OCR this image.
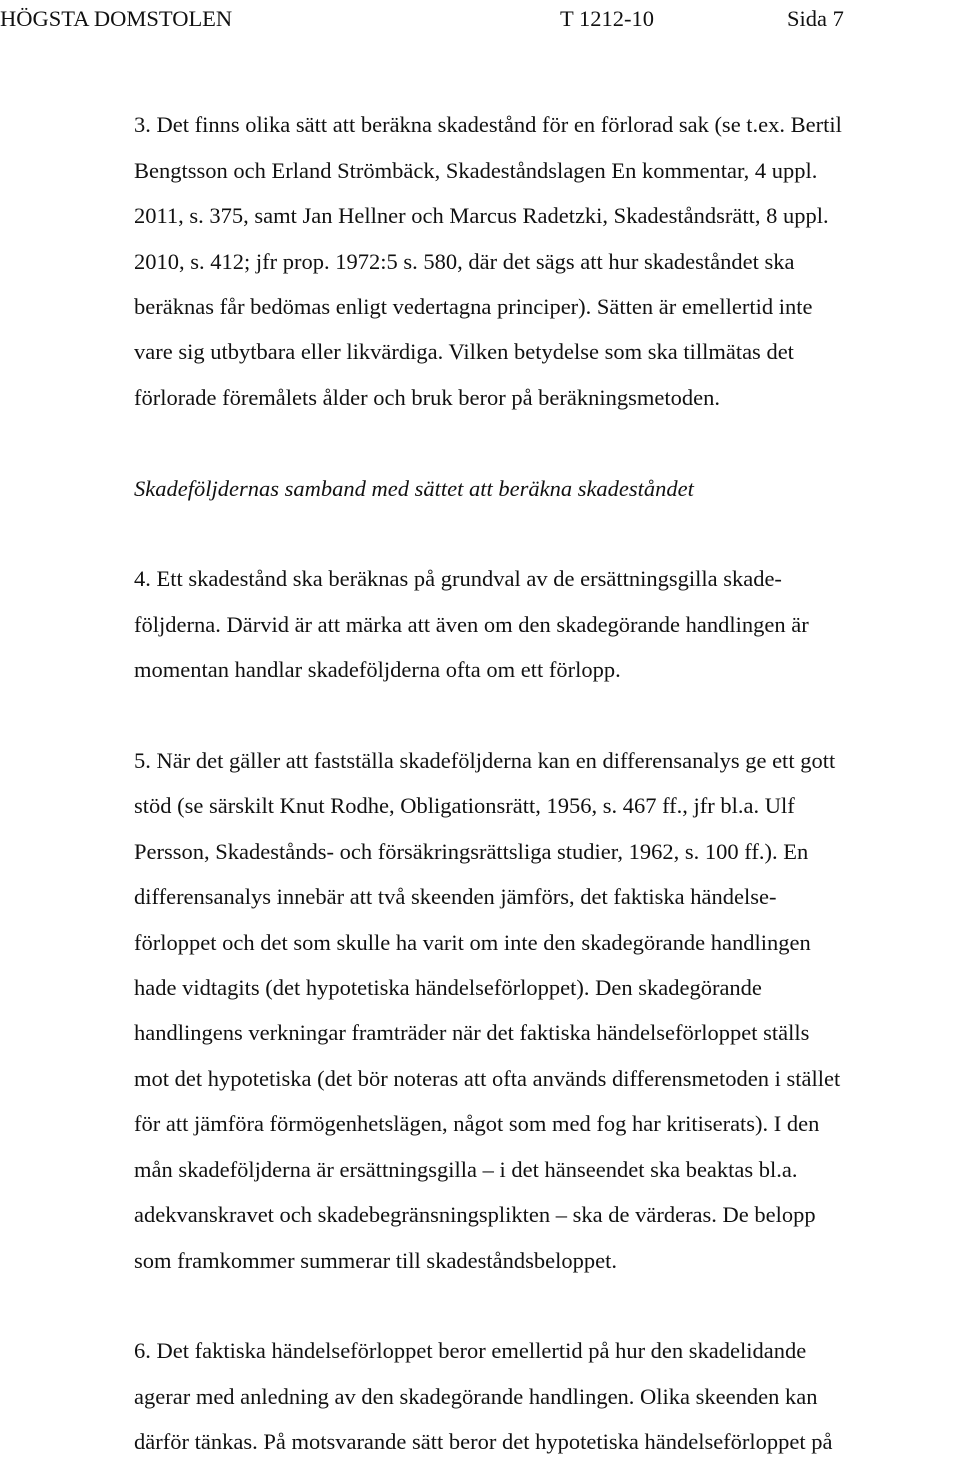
HÖGSTA DOMSTOLEN	T 1212-10	Sida 7

3. Det finns olika sätt att beräkna skadestånd för en förlorad sak (se t.ex. Bertil

Bengtsson och Erland Strömbäck, Skadeståndslagen En kommentar, 4 uppl.

2011, s. 375, samt Jan Hellner och Marcus Radetzki, Skadeståndsrätt, 8 uppl.

2010, s. 412; jfr prop. 1972:5 s. 580, där det sägs att hur skadeståndet ska

beräknas får bedömas enligt vedertagna principer). Sätten är emellertid inte

vare sig utbytbara eller likvärdiga. Vilken betydelse som ska tillmätas det

förlorade föremålets ålder och bruk beror på beräkningsmetoden.

Skadeföljdernas samband med sättet att beräkna skadeståndet

4. Ett skadestånd ska beräknas på grundval av de ersättningsgilla skade-

följderna. Därvid är att märka att även om den skadegörande handlingen är

momentan handlar skadeföljderna ofta om ett förlopp.

5. När det gäller att fastställa skadeföljderna kan en differensanalys ge ett gott

stöd (se särskilt Knut Rodhe, Obligationsrätt, 1956, s. 467 ff., jfr bl.a. Ulf

Persson, Skadestånds- och försäkringsrättsliga studier, 1962, s. 100 ff.). En

differensanalys innebär att två skeenden jämförs, det faktiska händelse-

förloppet och det som skulle ha varit om inte den skadegörande handlingen

hade vidtagits (det hypotetiska händelseförloppet). Den skadegörande

handlingens verkningar framträder när det faktiska händelseförloppet ställs

mot det hypotetiska (det bör noteras att ofta används differensmetoden i stället

för att jämföra förmögenhetslägen, något som med fog har kritiserats). I den

mån skadeföljderna är ersättningsgilla – i det hänseendet ska beaktas bl.a.

adekvanskravet och skadebegränsningsplikten – ska de värderas. De belopp

som framkommer summerar till skadeståndsbeloppet.

6. Det faktiska händelseförloppet beror emellertid på hur den skadelidande

agerar med anledning av den skadegörande handlingen. Olika skeenden kan

därför tänkas. På motsvarande sätt beror det hypotetiska händelseförloppet på
